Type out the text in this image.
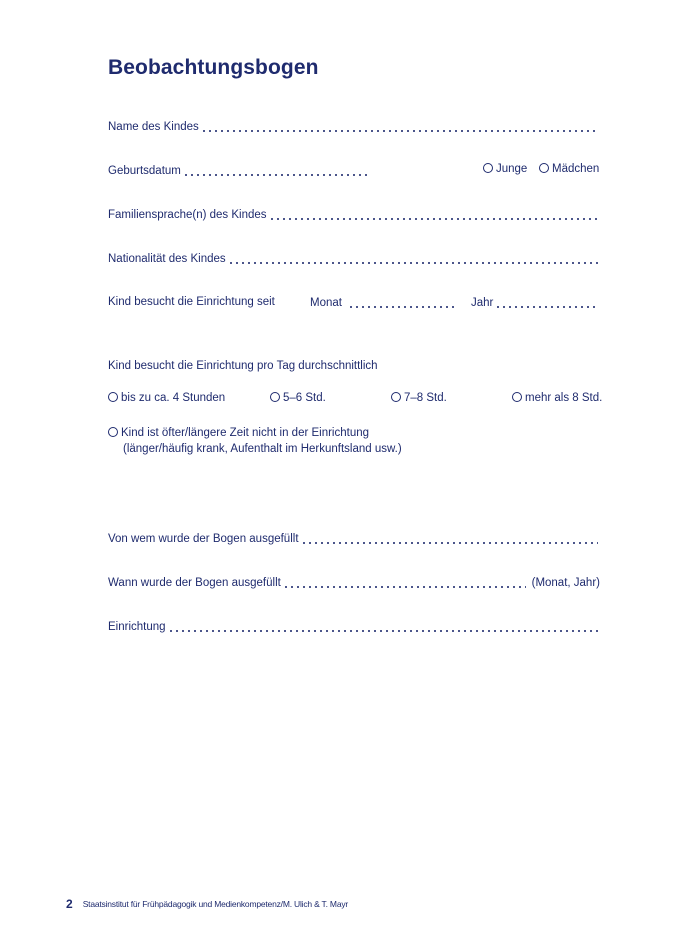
Beobachtungsbogen
Name des Kindes
Geburtsdatum	Junge	Mädchen
Familiensprache(n) des Kindes
Nationalität des Kindes
Kind besucht die Einrichtung seit	Monat	Jahr
Kind besucht die Einrichtung pro Tag durchschnittlich
bis zu ca. 4 Stunden	5–6 Std.	7–8 Std.	mehr als 8 Std.
Kind ist öfter/längere Zeit nicht in der Einrichtung
(länger/häufig krank, Aufenthalt im Herkunftsland usw.)
Von wem wurde der Bogen ausgefüllt
Wann wurde der Bogen ausgefüllt	(Monat, Jahr)
Einrichtung
2 Staatsinstitut für Frühpädagogik und Medienkompetenz/M. Ulich & T. Mayr
